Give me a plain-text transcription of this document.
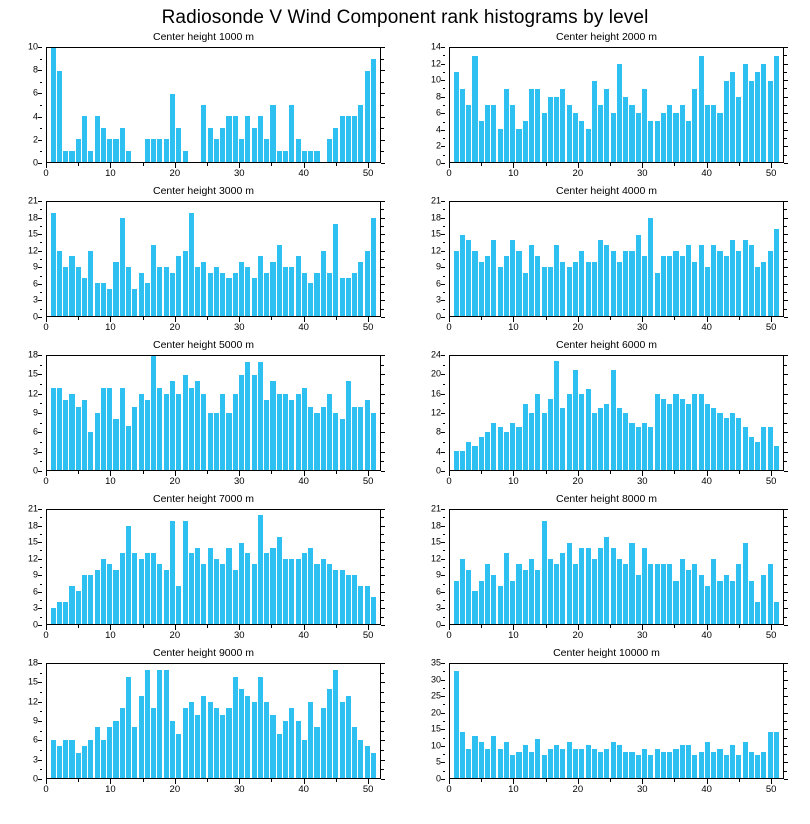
Radiosonde V Wind Component rank histograms by level
Center height 1000 m
0
2
4
6
8
10
0	10	20	30	40	50
Center height 2000 m
0
2
4
6
8
10
12
14
0	10	20	30	40	50
Center height 3000 m
0
3
6
9
12
15
18
21
0	10	20	30	40	50
Center height 4000 m
0
3
6
9
12
15
18
21
0	10	20	30	40	50
Center height 5000 m
0
3
6
9
12
15
18
0	10	20	30	40	50
Center height 6000 m
0
4
8
12
16
20
24
0	10	20	30	40	50
Center height 7000 m
0
3
6
9
12
15
18
21
0	10	20	30	40	50
Center height 8000 m
0
3
6
9
12
15
18
21
0	10	20	30	40	50
Center height 9000 m
0
3
6
9
12
15
18
0	10	20	30	40	50
Center height 10000 m
0
5
10
15
20
25
30
35
0	10	20	30	40	50
